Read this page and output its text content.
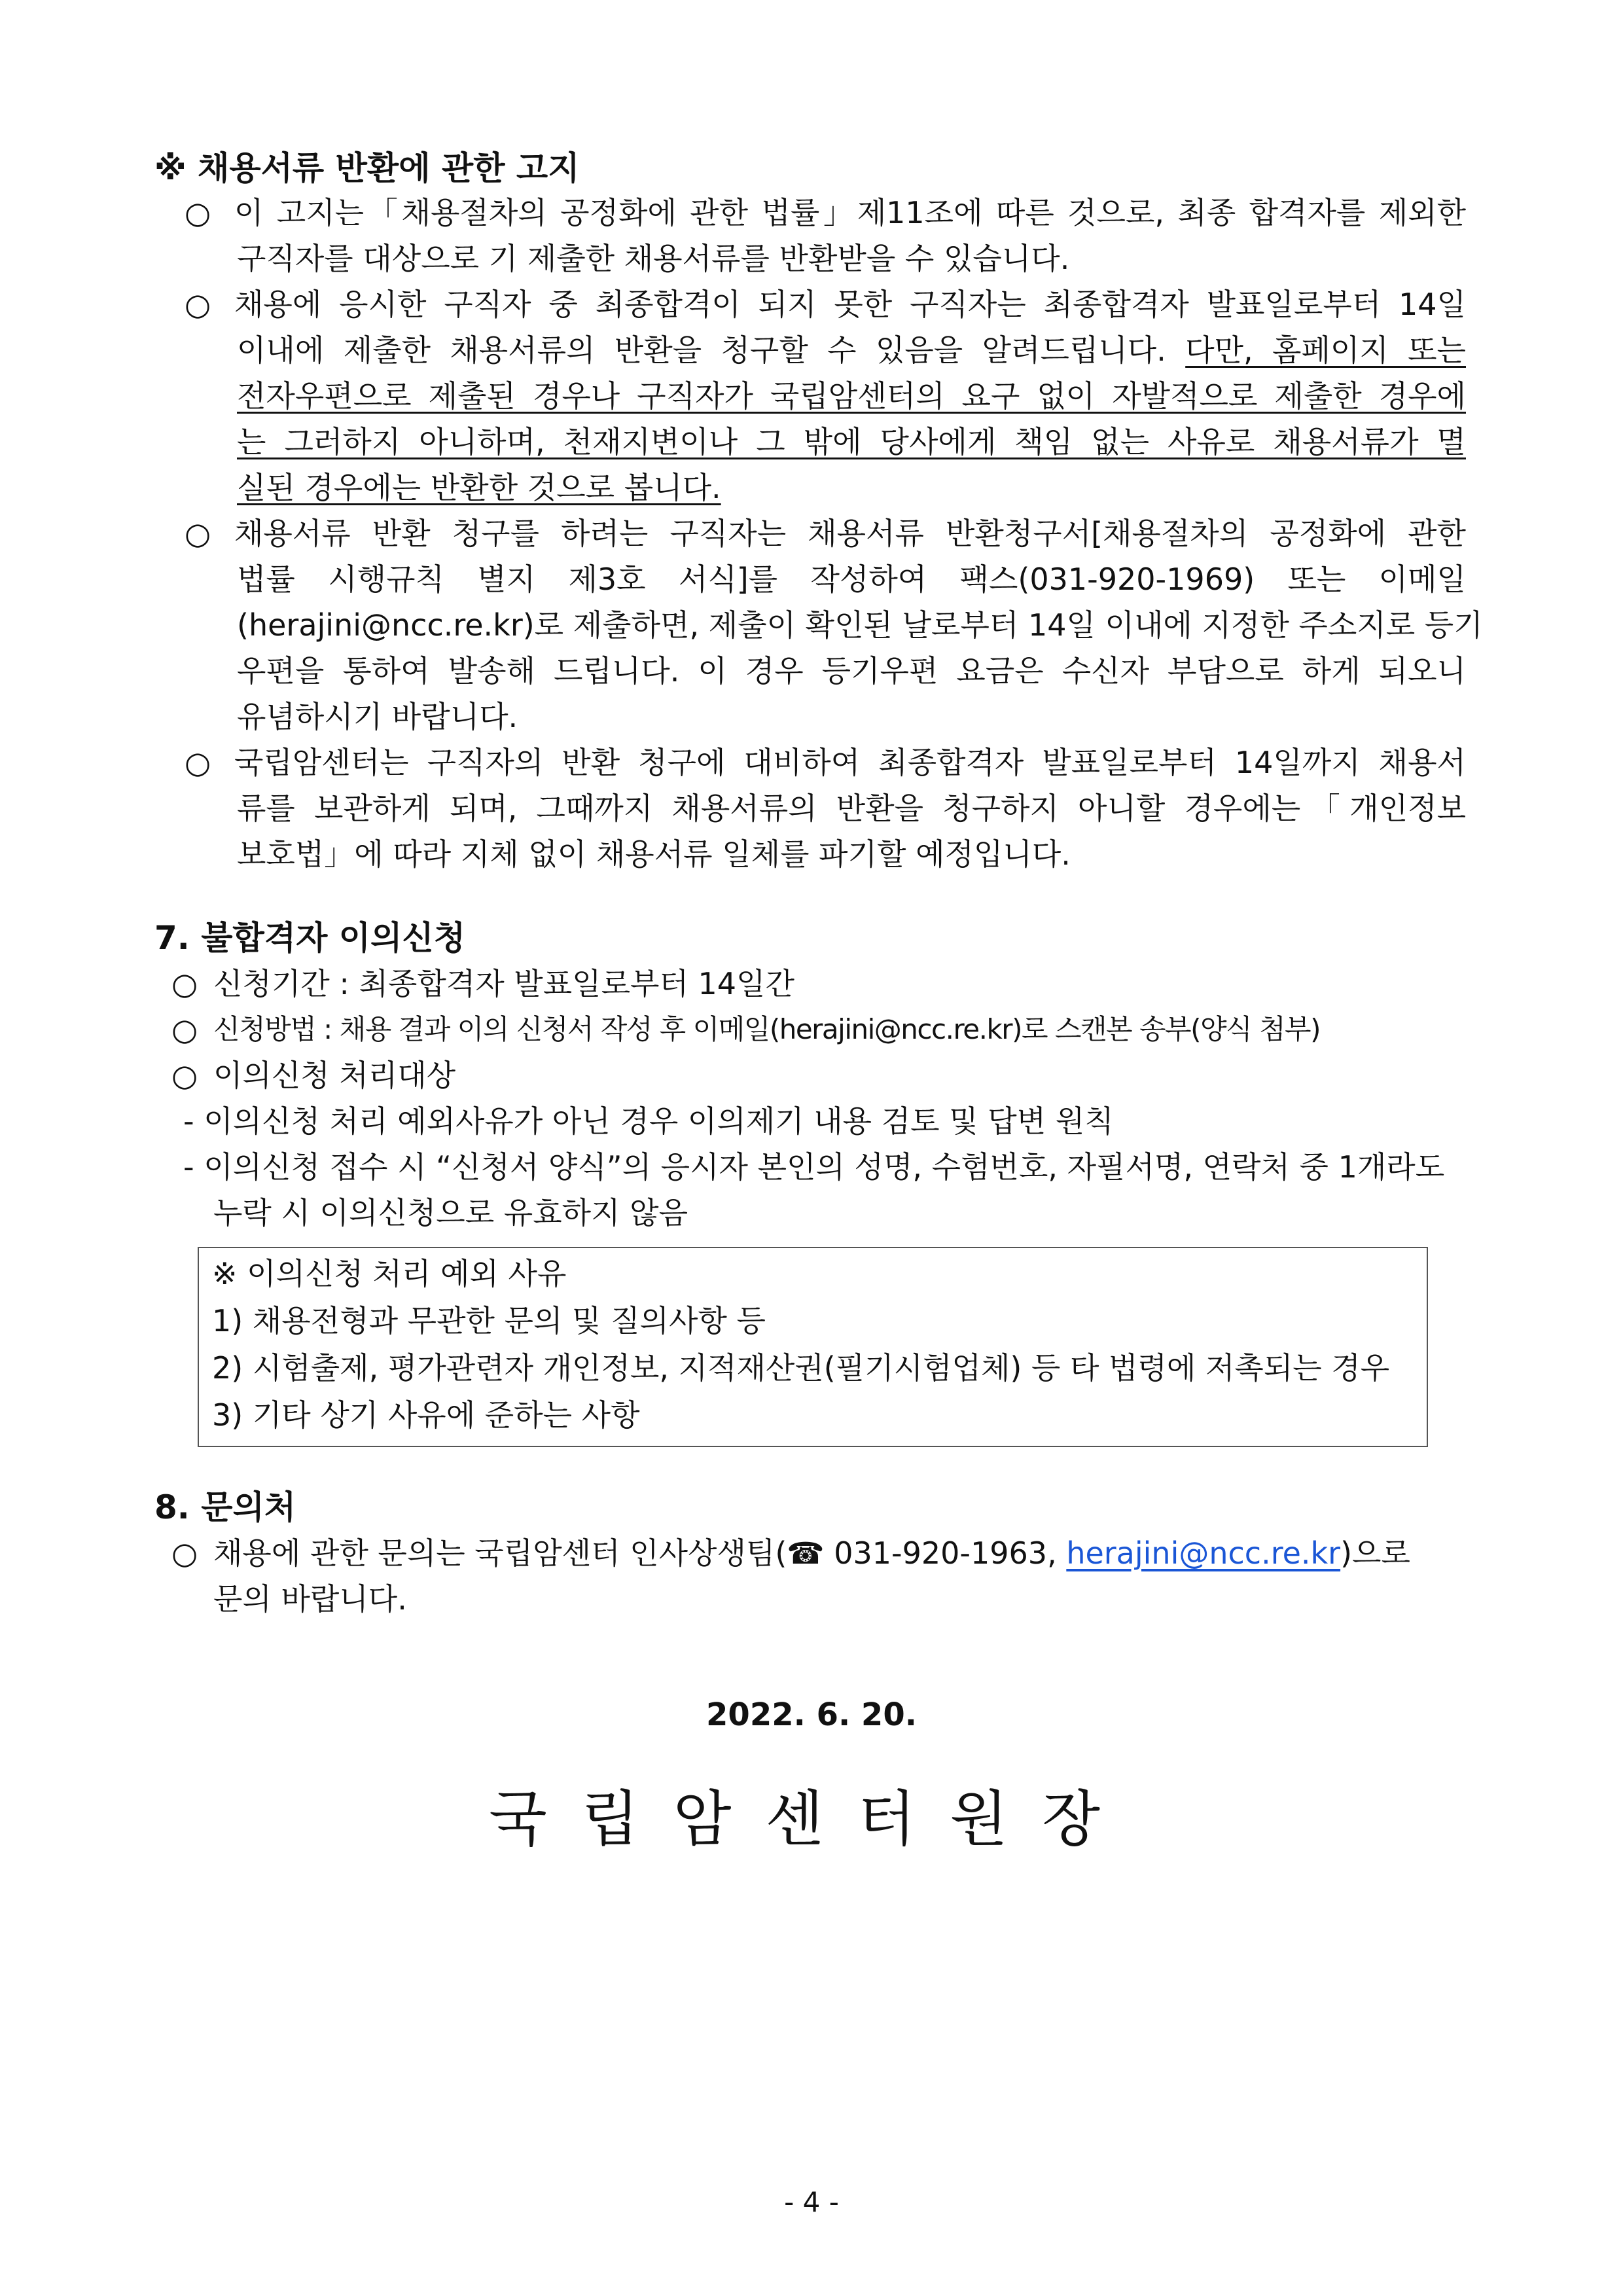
※ 채용서류 반환에 관한 고지
○ 이 고지는「채용절차의 공정화에 관한 법률」제11조에 따른 것으로, 최종 합격자를 제외한
구직자를 대상으로 기 제출한 채용서류를 반환받을 수 있습니다.
○ 채용에 응시한 구직자 중 최종합격이 되지 못한 구직자는 최종합격자 발표일로부터 14일
이내에 제출한 채용서류의 반환을 청구할 수 있음을 알려드립니다. 다만, 홈페이지 또는
전자우편으로 제출된 경우나 구직자가 국립암센터의 요구 없이 자발적으로 제출한 경우에
는 그러하지 아니하며, 천재지변이나 그 밖에 당사에게 책임 없는 사유로 채용서류가 멸
실된 경우에는 반환한 것으로 봅니다.
○ 채용서류 반환 청구를 하려는 구직자는 채용서류 반환청구서[채용절차의 공정화에 관한
법률 시행규칙 별지 제3호 서식]를 작성하여 팩스(031-920-1969) 또는 이메일
(herajini@ncc.re.kr)로 제출하면, 제출이 확인된 날로부터 14일 이내에 지정한 주소지로 등기
우편을 통하여 발송해 드립니다. 이 경우 등기우편 요금은 수신자 부담으로 하게 되오니
유념하시기 바랍니다.
○ 국립암센터는 구직자의 반환 청구에 대비하여 최종합격자 발표일로부터 14일까지 채용서
류를 보관하게 되며, 그때까지 채용서류의 반환을 청구하지 아니할 경우에는「개인정보
보호법」에 따라 지체 없이 채용서류 일체를 파기할 예정입니다.
7. 불합격자 이의신청
○ 신청기간 : 최종합격자 발표일로부터 14일간
○ 신청방법 : 채용 결과 이의 신청서 작성 후 이메일(herajini@ncc.re.kr)로 스캔본 송부(양식 첨부)
○ 이의신청 처리대상
- 이의신청 처리 예외사유가 아닌 경우 이의제기 내용 검토 및 답변 원칙
- 이의신청 접수 시 “신청서 양식”의 응시자 본인의 성명, 수험번호, 자필서명, 연락처 중 1개라도
누락 시 이의신청으로 유효하지 않음
※ 이의신청 처리 예외 사유
1) 채용전형과 무관한 문의 및 질의사항 등
2) 시험출제, 평가관련자 개인정보, 지적재산권(필기시험업체) 등 타 법령에 저촉되는 경우
3) 기타 상기 사유에 준하는 사항
8. 문의처
○ 채용에 관한 문의는 국립암센터 인사상생팀(☎ 031-920-1963, herajini@ncc.re.kr)으로
문의 바랍니다.
2022. 6. 20.
국립암센터원장
- 4 -
